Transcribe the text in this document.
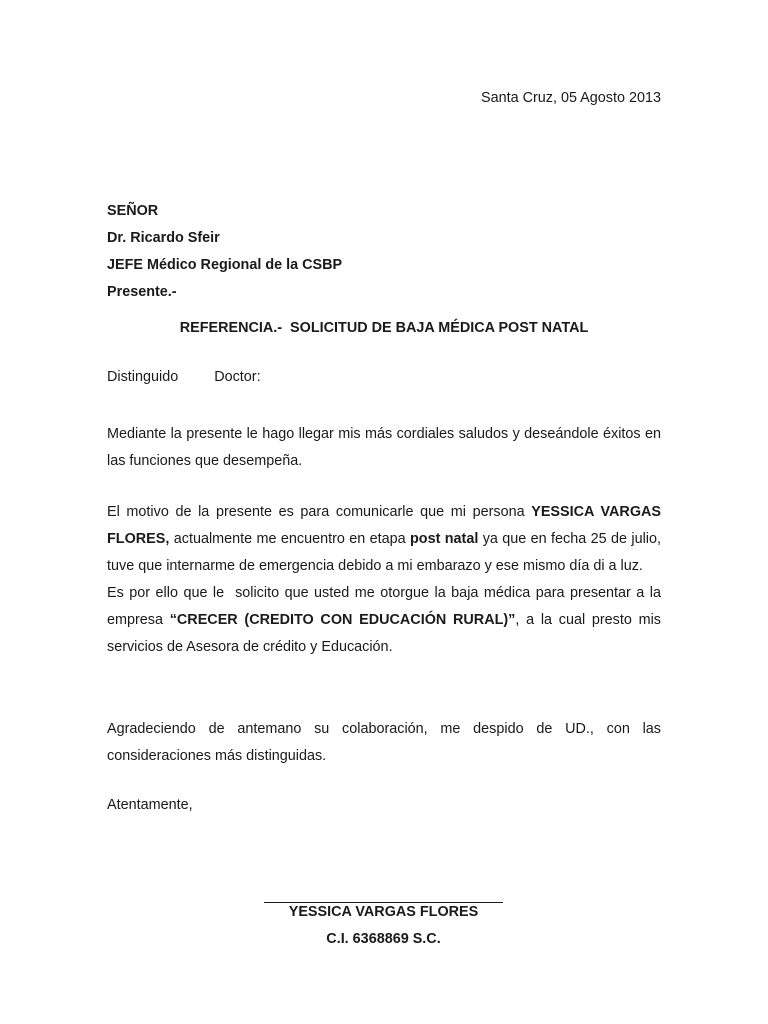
Santa Cruz, 05 Agosto 2013
SEÑOR
Dr. Ricardo Sfeir
JEFE Médico Regional de la CSBP
Presente.-
REFERENCIA.-  SOLICITUD DE BAJA MÉDICA POST NATAL
Distinguido   Doctor:
Mediante la presente le hago llegar mis más cordiales saludos y deseándole éxitos en las funciones que desempeña.
El motivo de la presente es para comunicarle que mi persona YESSICA VARGAS FLORES, actualmente me encuentro en etapa post natal ya que en fecha 25 de julio, tuve que internarme de emergencia debido a mi embarazo y ese mismo día di a luz.
Es por ello que le  solicito que usted me otorgue la baja médica para presentar a la empresa “CRECER (CREDITO CON EDUCACIÓN RURAL)”, a la cual presto mis servicios de Asesora de crédito y Educación.
Agradeciendo de antemano su colaboración, me despido de UD., con las consideraciones más distinguidas.
Atentamente,
YESSICA VARGAS FLORES
C.I. 6368869 S.C.
